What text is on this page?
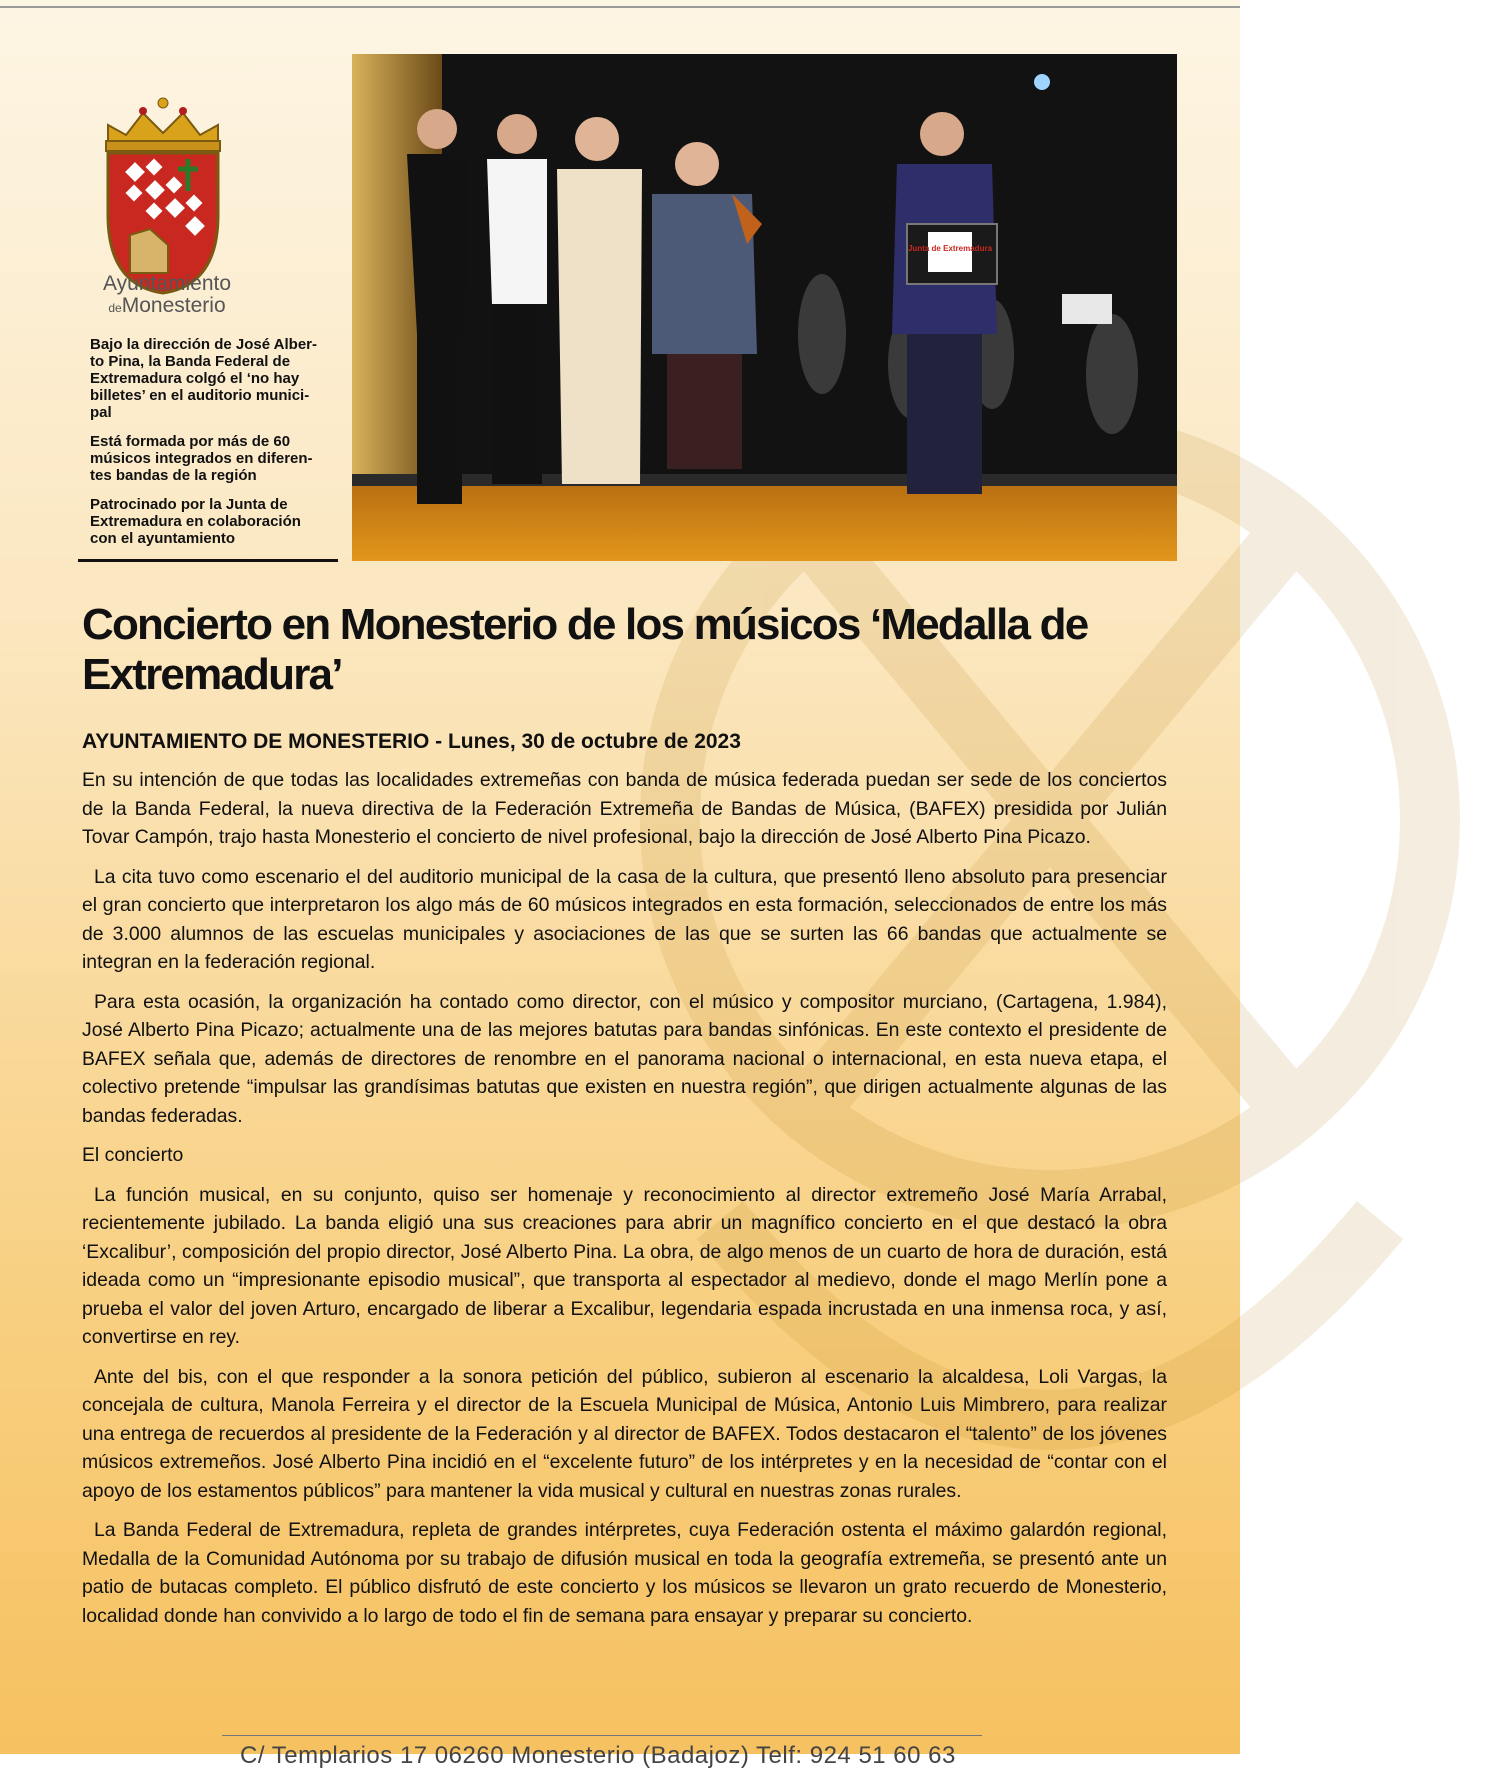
Ayuntamiento
deMonesterio

Bajo la dirección de José Alber-to Pina, la Banda Federal de Extremadura colgó el ‘no hay billetes’ en el auditorio munici-pal

Está formada por más de 60 músicos integrados en diferen-tes bandas de la región

Patrocinado por la Junta de Extremadura en colaboración con el ayuntamiento

Junta de Extremadura
Concierto en Monesterio de los músicos ‘Medalla de Extremadura’
AYUNTAMIENTO DE MONESTERIO - Lunes, 30 de octubre de 2023

En su intención de que todas las localidades extremeñas con banda de música federada puedan ser sede de los conciertos de la Banda Federal, la nueva directiva de la Federación Extremeña de Bandas de Música, (BAFEX) presidida por Julián Tovar Campón, trajo hasta Monesterio el concierto de nivel profesional, bajo la dirección de José Alberto Pina Picazo.

La cita tuvo como escenario el del auditorio municipal de la casa de la cultura, que presentó lleno absoluto para presenciar el gran concierto que interpretaron los algo más de 60 músicos integrados en esta formación, seleccionados de entre los más de 3.000 alumnos de las escuelas municipales y asociaciones de las que se surten las 66 bandas que actualmente se integran en la federación regional.

Para esta ocasión, la organización ha contado como director, con el músico y compositor murciano, (Cartagena, 1.984), José Alberto Pina Picazo; actualmente una de las mejores batutas para bandas sinfónicas. En este contexto el presidente de BAFEX señala que, además de directores de renombre en el panorama nacional o internacional, en esta nueva etapa, el colectivo pretende “impulsar las grandísimas batutas que existen en nuestra región”, que dirigen actualmente algunas de las bandas federadas.

El concierto

La función musical, en su conjunto, quiso ser homenaje y reconocimiento al director extremeño José María Arrabal, recientemente jubilado. La banda eligió una sus creaciones para abrir un magnífico concierto en el que destacó la obra ‘Excalibur’, composición del propio director, José Alberto Pina. La obra, de algo menos de un cuarto de hora de duración, está ideada como un “impresionante episodio musical”, que transporta al espectador al medievo, donde el mago Merlín pone a prueba el valor del joven Arturo, encargado de liberar a Excalibur, legendaria espada incrustada en una inmensa roca, y así, convertirse en rey.

Ante del bis, con el que responder a la sonora petición del público, subieron al escenario la alcaldesa, Loli Vargas, la concejala de cultura, Manola Ferreira y el director de la Escuela Municipal de Música, Antonio Luis Mimbrero, para realizar una entrega de recuerdos al presidente de la Federación y al director de BAFEX. Todos destacaron el “talento” de los jóvenes músicos extremeños. José Alberto Pina incidió en el “excelente futuro” de los intérpretes y en la necesidad de “contar con el apoyo de los estamentos públicos” para mantener la vida musical y cultural en nuestras zonas rurales.

La Banda Federal de Extremadura, repleta de grandes intérpretes, cuya Federación ostenta el máximo galardón regional, Medalla de la Comunidad Autónoma por su trabajo de difusión musical en toda la geografía extremeña, se presentó ante un patio de butacas completo. El público disfrutó de este concierto y los músicos se llevaron un grato recuerdo de Monesterio, localidad donde han convivido a lo largo de todo el fin de semana para ensayar y preparar su concierto.

C/ Templarios 17 06260 Monesterio (Badajoz) Telf: 924 51 60 63
